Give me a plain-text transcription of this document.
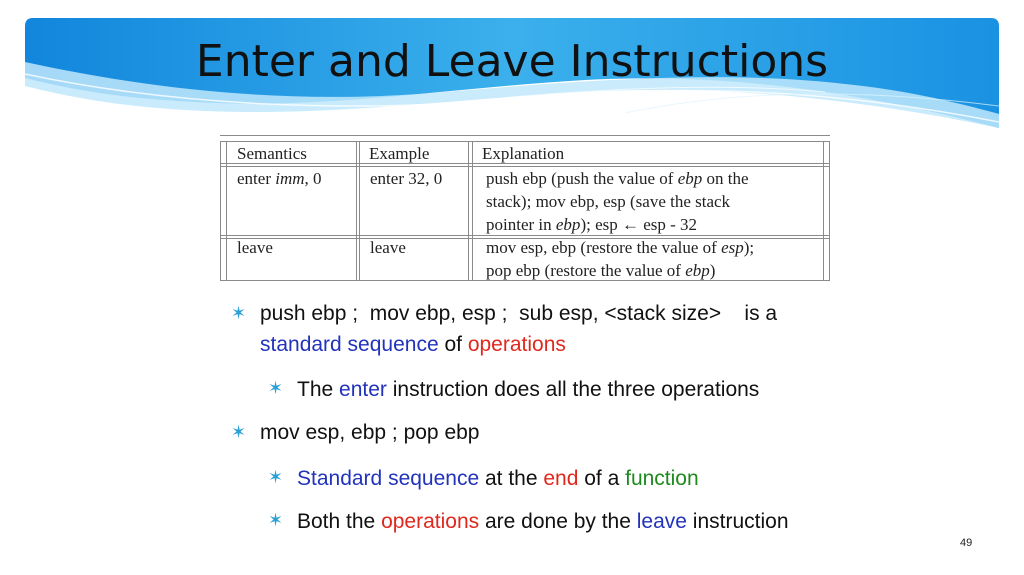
Enter and Leave Instructions
Semantics	Example	Explanation
enter imm, 0	enter 32, 0	push ebp (push the value of ebp on the
stack); mov ebp, esp (save the stack
pointer in ebp); esp ← esp - 32
leave	leave	mov esp, ebp (restore the value of esp);
pop ebp (restore the value of ebp)
✶ push ebp ;  mov ebp, esp ;  sub esp, <stack size>    is a
standard sequence of operations
✶ The enter instruction does all the three operations
✶ mov esp, ebp ; pop ebp
✶ Standard sequence at the end of a function
✶ Both the operations are done by the leave instruction
49
